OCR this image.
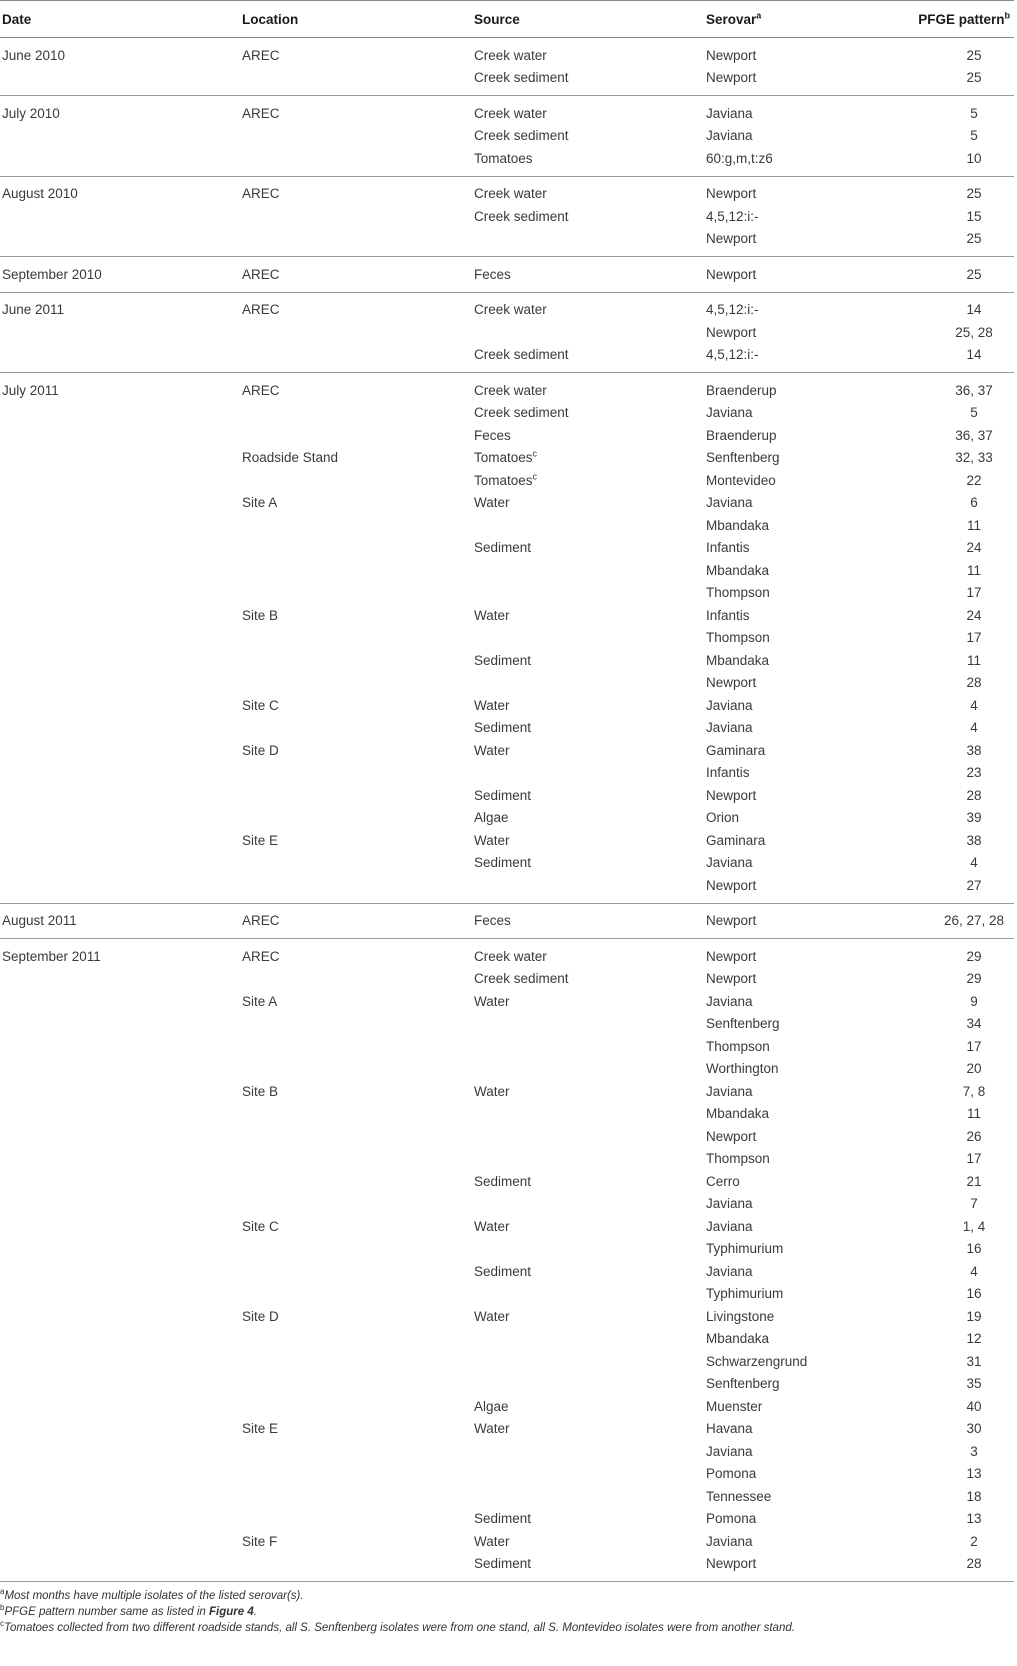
Date	Location	Source	Serovar$^a$	PFGE pattern$^b$
June 2010	AREC	Creek water	Newport	25
		Creek sediment	Newport	25
July 2010	AREC	Creek water	Javiana	5
		Creek sediment	Javiana	5
		Tomatoes	60:g,m,t:z6	10
August 2010	AREC	Creek water	Newport	25
		Creek sediment	4,5,12:i:-	15
			Newport	25
September 2010	AREC	Feces	Newport	25
June 2011	AREC	Creek water	4,5,12:i:-	14
			Newport	25, 28
		Creek sediment	4,5,12:i:-	14
July 2011	AREC	Creek water	Braenderup	36, 37
		Creek sediment	Javiana	5
		Feces	Braenderup	36, 37
	Roadside Stand	Tomatoes$^c$	Senftenberg	32, 33
		Tomatoes$^c$	Montevideo	22
	Site A	Water	Javiana	6
			Mbandaka	11
		Sediment	Infantis	24
			Mbandaka	11
			Thompson	17
	Site B	Water	Infantis	24
			Thompson	17
		Sediment	Mbandaka	11
			Newport	28
	Site C	Water	Javiana	4
		Sediment	Javiana	4
	Site D	Water	Gaminara	38
			Infantis	23
		Sediment	Newport	28
		Algae	Orion	39
	Site E	Water	Gaminara	38
		Sediment	Javiana	4
			Newport	27
August 2011	AREC	Feces	Newport	26, 27, 28
September 2011	AREC	Creek water	Newport	29
		Creek sediment	Newport	29
	Site A	Water	Javiana	9
			Senftenberg	34
			Thompson	17
			Worthington	20
	Site B	Water	Javiana	7, 8
			Mbandaka	11
			Newport	26
			Thompson	17
		Sediment	Cerro	21
			Javiana	7
	Site C	Water	Javiana	1, 4
			Typhimurium	16
		Sediment	Javiana	4
			Typhimurium	16
	Site D	Water	Livingstone	19
			Mbandaka	12
			Schwarzengrund	31
			Senftenberg	35
		Algae	Muenster	40
	Site E	Water	Havana	30
			Javiana	3
			Pomona	13
			Tennessee	18
		Sediment	Pomona	13
	Site F	Water	Javiana	2
		Sediment	Newport	28
$^a$Most months have multiple isolates of the listed serovar(s).
$^b$PFGE pattern number same as listed in Figure 4.
$^c$Tomatoes collected from two different roadside stands, all S. Senftenberg isolates were from one stand, all S. Montevideo isolates were from another stand.
